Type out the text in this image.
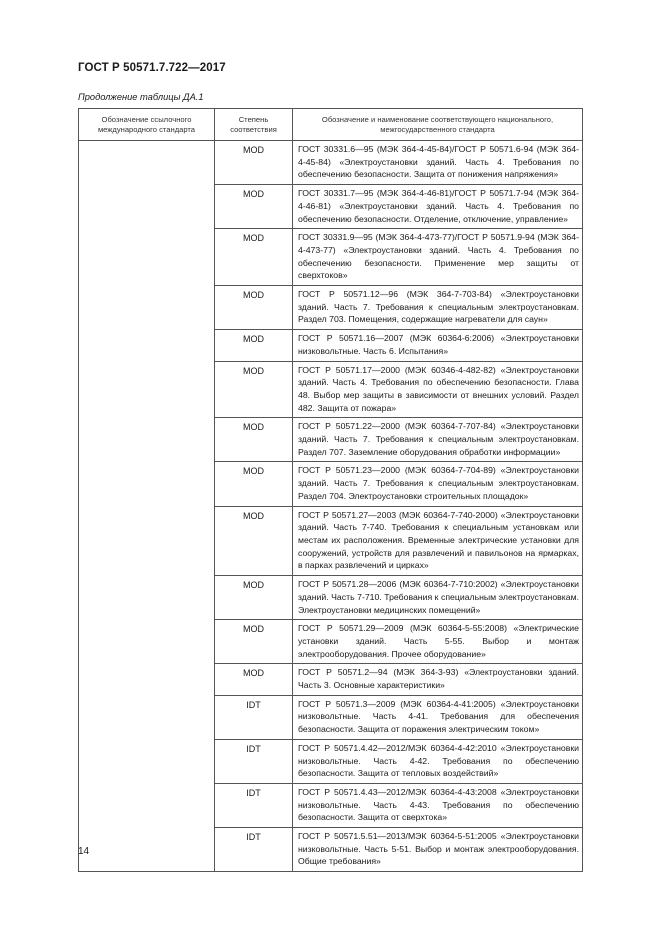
ГОСТ Р 50571.7.722—2017
Продолжение таблицы ДА.1
Обозначение ссылочного международного стандарта	Степень соответствия	Обозначение и наименование соответствующего национального, межгосударственного стандарта
	MOD	ГОСТ 30331.6—95 (МЭК 364-4-45-84)/ГОСТ Р 50571.6-94 (МЭК 364-4-45-84) «Электроустановки зданий. Часть 4. Требования по обеспечению безопасности. Защита от понижения напряжения»
	MOD	ГОСТ 30331.7—95 (МЭК 364-4-46-81)/ГОСТ Р 50571.7-94 (МЭК 364-4-46-81) «Электроустановки зданий. Часть 4. Требования по обеспечению безопасности. Отделение, отключение, управление»
	MOD	ГОСТ 30331.9—95 (МЭК 364-4-473-77)/ГОСТ Р 50571.9-94 (МЭК 364-4-473-77) «Электроустановки зданий. Часть 4. Требования по обеспечению безопасности. Применение мер защиты от сверхтоков»
	MOD	ГОСТ Р 50571.12—96 (МЭК 364-7-703-84) «Электроустановки зданий. Часть 7. Требования к специальным электроустановкам. Раздел 703. Помещения, содержащие нагреватели для саун»
	MOD	ГОСТ Р 50571.16—2007 (МЭК 60364-6:2006) «Электроустановки низковольтные. Часть 6. Испытания»
	MOD	ГОСТ Р 50571.17—2000 (МЭК 60346-4-482-82) «Электроустановки зданий. Часть 4. Требования по обеспечению безопасности. Глава 48. Выбор мер защиты в зависимости от внешних условий. Раздел 482. Защита от пожара»
	MOD	ГОСТ Р 50571.22—2000 (МЭК 60364-7-707-84) «Электроустановки зданий. Часть 7. Требования к специальным электроустановкам. Раздел 707. Заземление оборудования обработки информации»
	MOD	ГОСТ Р 50571.23—2000 (МЭК 60364-7-704-89) «Электроустановки зданий. Часть 7. Требования к специальным электроустановкам. Раздел 704. Электроустановки строительных площадок»
	MOD	ГОСТ Р 50571.27—2003 (МЭК 60364-7-740-2000) «Электроустановки зданий. Часть 7-740. Требования к специальным установкам или местам их расположения. Временные электрические установки для сооружений, устройств для развлечений и павильонов на ярмарках, в парках развлечений и цирках»
	MOD	ГОСТ Р 50571.28—2006 (МЭК 60364-7-710:2002) «Электроустановки зданий. Часть 7-710. Требования к специальным электроустановкам. Электроустановки медицинских помещений»
	MOD	ГОСТ Р 50571.29—2009 (МЭК 60364-5-55:2008) «Электрические установки зданий. Часть 5-55. Выбор и монтаж электрооборудования. Прочее оборудование»
	MOD	ГОСТ Р 50571.2—94 (МЭК 364-3-93) «Электроустановки зданий. Часть 3. Основные характеристики»
	IDT	ГОСТ Р 50571.3—2009 (МЭК 60364-4-41:2005) «Электроустановки низковольтные. Часть 4-41. Требования для обеспечения безопасности. Защита от поражения электрическим током»
	IDT	ГОСТ Р 50571.4.42—2012/МЭК 60364-4-42:2010 «Электроустановки низковольтные. Часть 4-42. Требования по обеспечению безопасности. Защита от тепловых воздействий»
	IDT	ГОСТ Р 50571.4.43—2012/МЭК 60364-4-43:2008 «Электроустановки низковольтные. Часть 4-43. Требования по обеспечению безопасности. Защита от сверхтока»
	IDT	ГОСТ Р 50571.5.51—2013/МЭК 60364-5-51:2005 «Электроустановки низковольтные. Часть 5-51. Выбор и монтаж электрооборудования. Общие требования»
14
